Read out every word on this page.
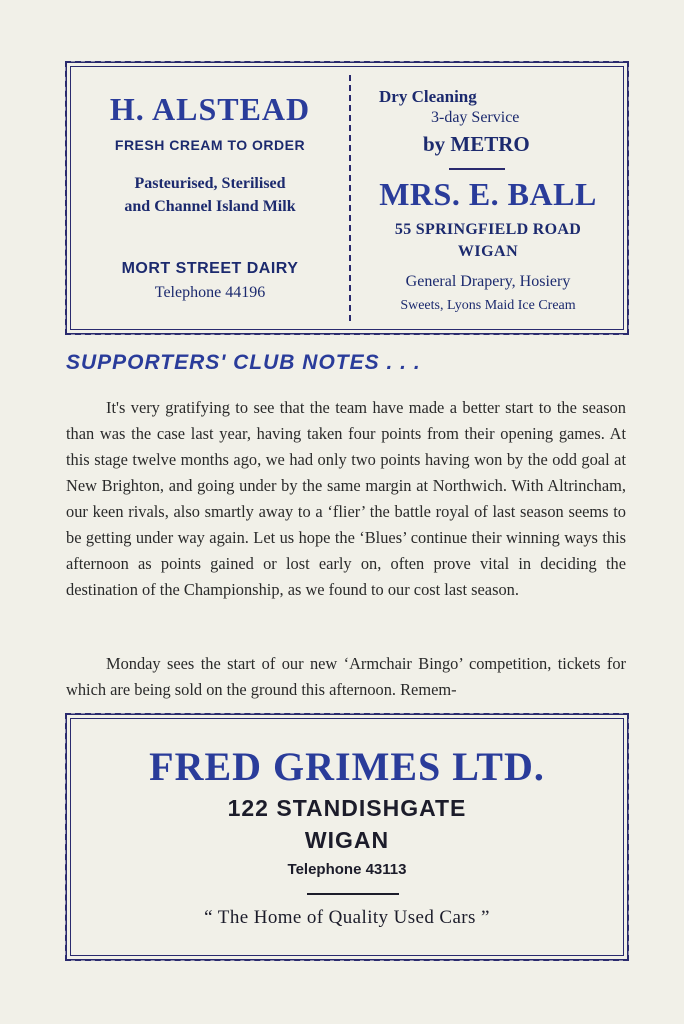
H. ALSTEAD
FRESH CREAM TO ORDER
Pasteurised, Sterilised
and Channel Island Milk
MORT STREET DAIRY
Telephone 44196
Dry Cleaning
3-day Service
by METRO
MRS. E. BALL
55 SPRINGFIELD ROAD
WIGAN
General Drapery, Hosiery
Sweets, Lyons Maid Ice Cream
SUPPORTERS' CLUB NOTES . . .
It's very gratifying to see that the team have made a better start to the season than was the case last year, having taken four points from their opening games. At this stage twelve months ago, we had only two points having won by the odd goal at New Brighton, and going under by the same margin at Northwich. With Altrincham, our keen rivals, also smartly away to a ‘flier’ the battle royal of last season seems to be getting under way again. Let us hope the ‘Blues’ continue their winning ways this afternoon as points gained or lost early on, often prove vital in deciding the destination of the Championship, as we found to our cost last season.
Monday sees the start of our new ‘Armchair Bingo’ competition, tickets for which are being sold on the ground this afternoon. Remem-
FRED GRIMES LTD.
122 STANDISHGATE
WIGAN
Telephone 43113
“ The Home of Quality Used Cars ”
